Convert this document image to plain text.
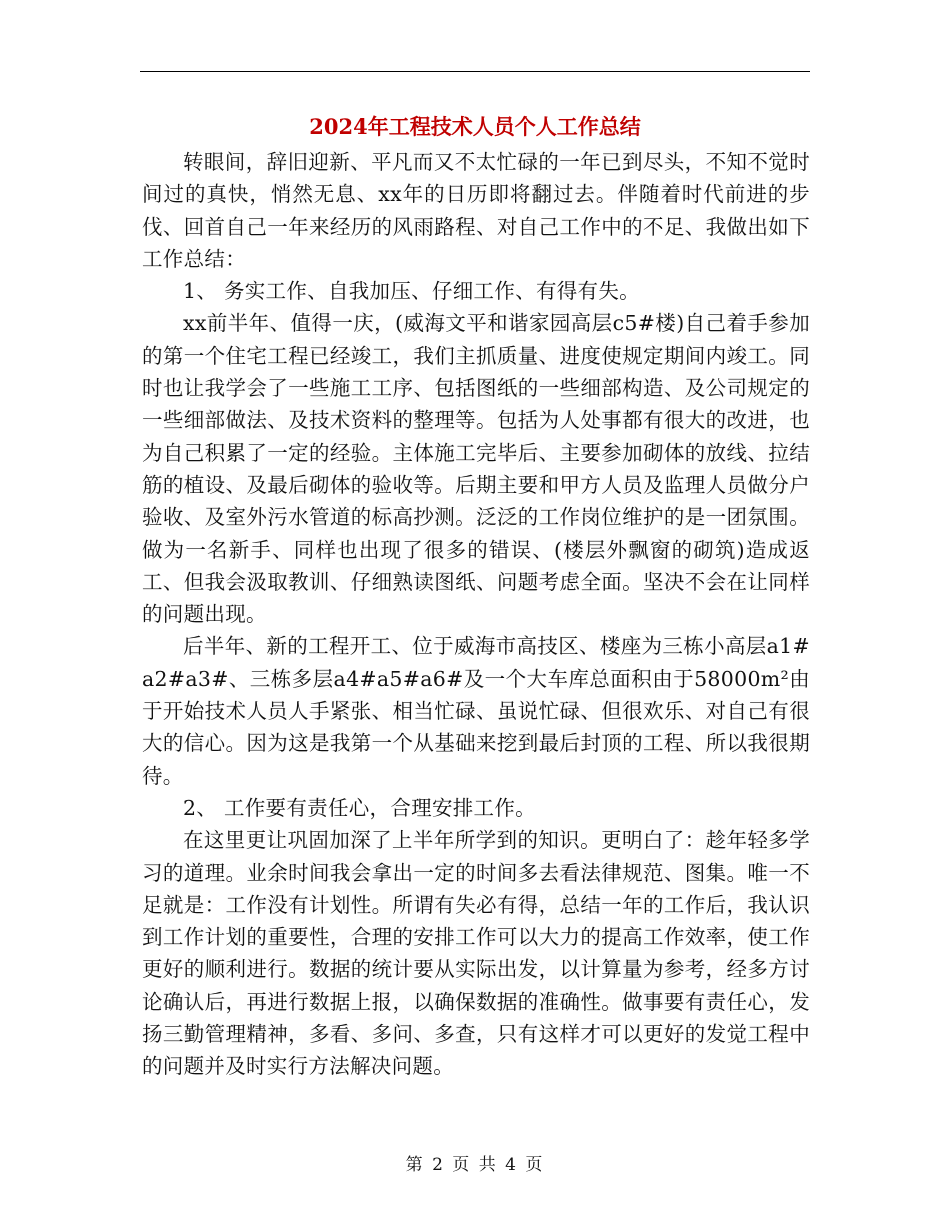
2024年工程技术人员个人工作总结

转眼间，辞旧迎新、平凡而又不太忙碌的一年已到尽头，不知不觉时间过的真快，悄然无息、xx年的日历即将翻过去。伴随着时代前进的步伐、回首自己一年来经历的风雨路程、对自己工作中的不足、我做出如下工作总结：

1、 务实工作、自我加压、仔细工作、有得有失。

xx前半年、值得一庆，(威海文平和谐家园高层c5#楼)自己着手参加的第一个住宅工程已经竣工，我们主抓质量、进度使规定期间内竣工。同时也让我学会了一些施工工序、包括图纸的一些细部构造、及公司规定的一些细部做法、及技术资料的整理等。包括为人处事都有很大的改进，也为自己积累了一定的经验。主体施工完毕后、主要参加砌体的放线、拉结筋的植设、及最后砌体的验收等。后期主要和甲方人员及监理人员做分户验收、及室外污水管道的标高抄测。泛泛的工作岗位维护的是一团氛围。做为一名新手、同样也出现了很多的错误、(楼层外飘窗的砌筑)造成返工、但我会汲取教训、仔细熟读图纸、问题考虑全面。坚决不会在让同样的问题出现。

后半年、新的工程开工、位于威海市高技区、楼座为三栋小高层a1#a2#a3#、三栋多层a4#a5#a6#及一个大车库总面积由于58000m²由于开始技术人员人手紧张、相当忙碌、虽说忙碌、但很欢乐、对自己有很大的信心。因为这是我第一个从基础来挖到最后封顶的工程、所以我很期待。

2、 工作要有责任心，合理安排工作。

在这里更让巩固加深了上半年所学到的知识。更明白了：趁年轻多学习的道理。业余时间我会拿出一定的时间多去看法律规范、图集。唯一不足就是：工作没有计划性。所谓有失必有得，总结一年的工作后，我认识到工作计划的重要性，合理的安排工作可以大力的提高工作效率，使工作更好的顺利进行。数据的统计要从实际出发，以计算量为参考，经多方讨论确认后，再进行数据上报，以确保数据的准确性。做事要有责任心，发扬三勤管理精神，多看、多问、多查，只有这样才可以更好的发觉工程中的问题并及时实行方法解决问题。

第 2 页 共 4 页
